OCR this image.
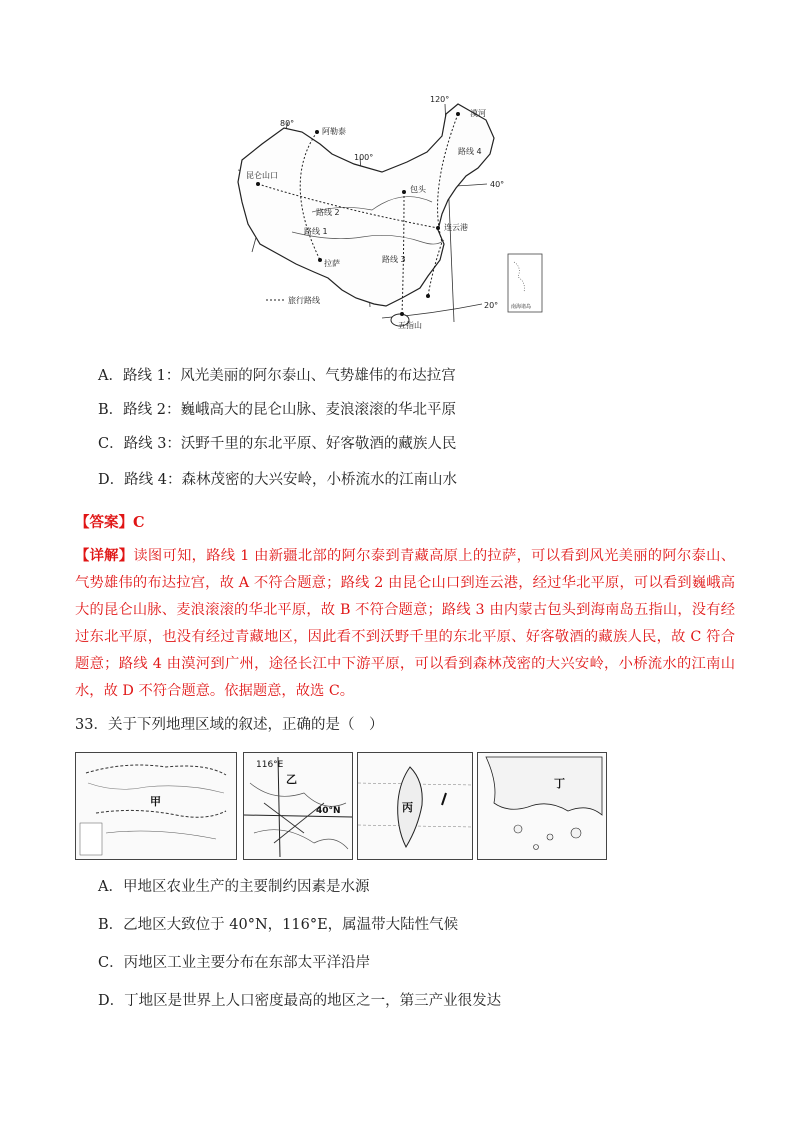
80°
100°
120°
40°
20°
阿勒泰
漠河
昆仑山口
包头
连云港
拉萨
五指山
路线 1
路线 2
路线 3
路线 4
旅行路线
南海诸岛
A．路线 1：风光美丽的阿尔泰山、气势雄伟的布达拉宫
B．路线 2：巍峨高大的昆仑山脉、麦浪滚滚的华北平原
C．路线 3：沃野千里的东北平原、好客敬酒的藏族人民
D．路线 4：森林茂密的大兴安岭，小桥流水的江南山水
【答案】C
【详解】读图可知，路线 1 由新疆北部的阿尔泰到青藏高原上的拉萨，可以看到风光美丽的阿尔泰山、气势雄伟的布达拉宫，故 A 不符合题意；路线 2 由昆仑山口到连云港，经过华北平原，可以看到巍峨高大的昆仑山脉、麦浪滚滚的华北平原，故 B 不符合题意；路线 3 由内蒙古包头到海南岛五指山，没有经过东北平原，也没有经过青藏地区，因此看不到沃野千里的东北平原、好客敬酒的藏族人民，故 C 符合题意；路线 4 由漠河到广州，途径长江中下游平原，可以看到森林茂密的大兴安岭，小桥流水的江南山水，故 D 不符合题意。依据题意，故选 C。
33．关于下列地理区域的叙述，正确的是（　）
甲
116°E
40°N
乙
丙
丁
A．甲地区农业生产的主要制约因素是水源
B．乙地区大致位于 40°N，116°E，属温带大陆性气候
C．丙地区工业主要分布在东部太平洋沿岸
D．丁地区是世界上人口密度最高的地区之一，第三产业很发达
